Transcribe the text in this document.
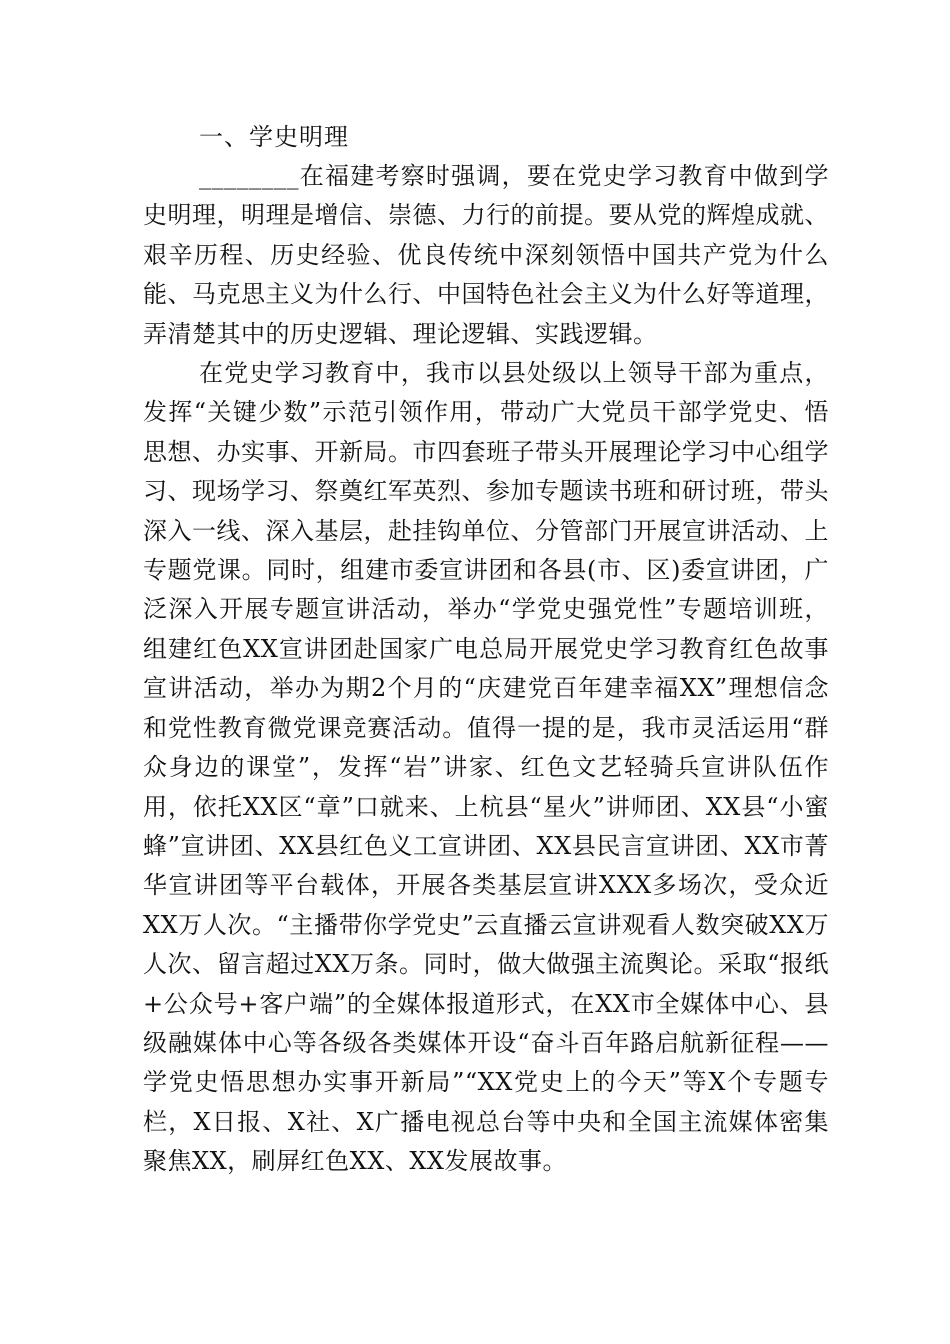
一、学史明理

________在福建考察时强调，要在党史学习教育中做到学史明理，明理是增信、崇德、力行的前提。要从党的辉煌成就、艰辛历程、历史经验、优良传统中深刻领悟中国共产党为什么能、马克思主义为什么行、中国特色社会主义为什么好等道理，弄清楚其中的历史逻辑、理论逻辑、实践逻辑。

在党史学习教育中，我市以县处级以上领导干部为重点，发挥“关键少数”示范引领作用，带动广大党员干部学党史、悟思想、办实事、开新局。市四套班子带头开展理论学习中心组学习、现场学习、祭奠红军英烈、参加专题读书班和研讨班，带头深入一线、深入基层，赴挂钩单位、分管部门开展宣讲活动、上专题党课。同时，组建市委宣讲团和各县(市、区)委宣讲团，广泛深入开展专题宣讲活动，举办“学党史强党性”专题培训班，组建红色XX宣讲团赴国家广电总局开展党史学习教育红色故事宣讲活动，举办为期2个月的“庆建党百年建幸福XX”理想信念和党性教育微党课竞赛活动。值得一提的是，我市灵活运用“群众身边的课堂”，发挥“岩”讲家、红色文艺轻骑兵宣讲队伍作用，依托XX区“章”口就来、上杭县“星火”讲师团、XX县“小蜜蜂”宣讲团、XX县红色义工宣讲团、XX县民言宣讲团、XX市菁华宣讲团等平台载体，开展各类基层宣讲XXX多场次，受众近XX万人次。“主播带你学党史”云直播云宣讲观看人数突破XX万人次、留言超过XX万条。同时，做大做强主流舆论。采取“报纸+公众号+客户端”的全媒体报道形式，在XX市全媒体中心、县级融媒体中心等各级各类媒体开设“奋斗百年路启航新征程——学党史悟思想办实事开新局”“XX党史上的今天”等X个专题专栏，X日报、X社、X广播电视总台等中央和全国主流媒体密集聚焦XX，刷屏红色XX、XX发展故事。
